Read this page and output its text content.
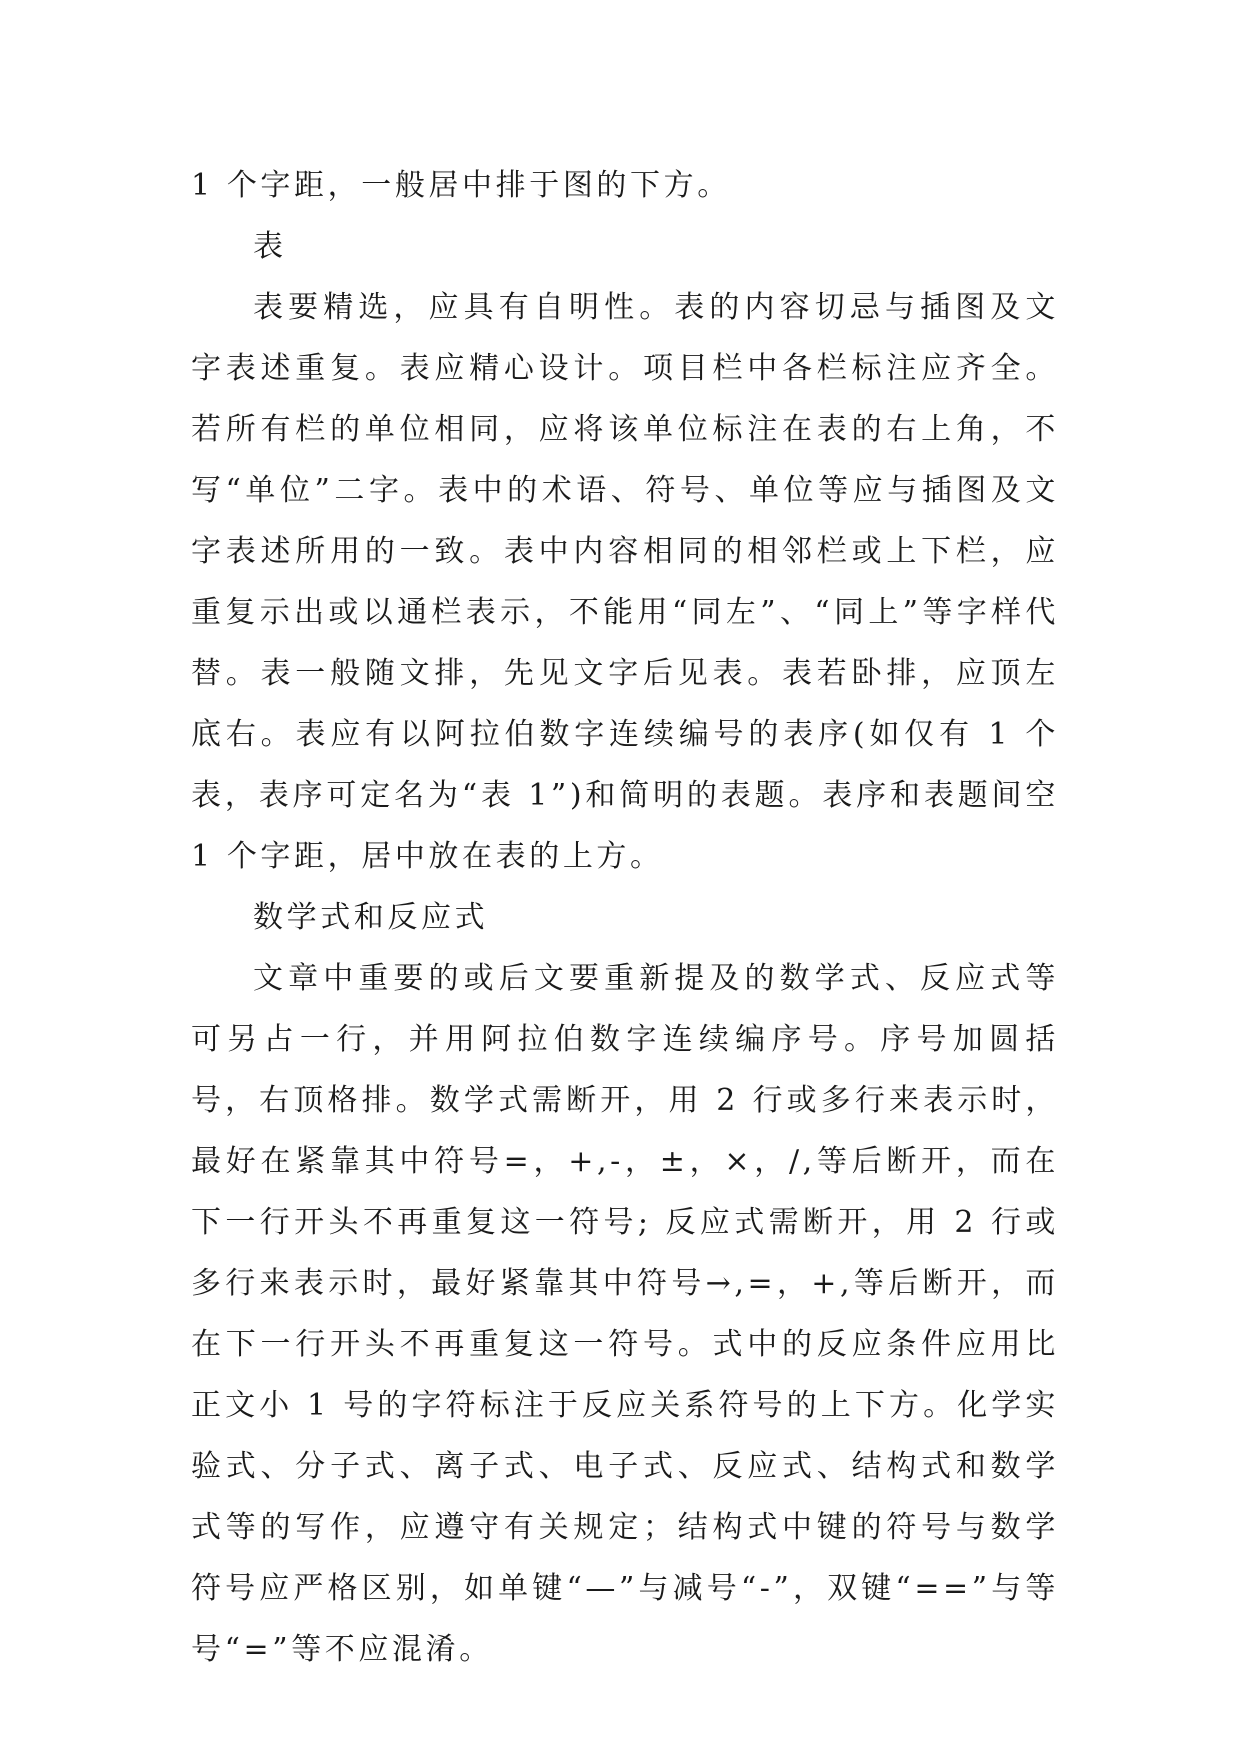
1 个字距，一般居中排于图的下方。

表

表要精选，应具有自明性。表的内容切忌与插图及文字表述重复。表应精心设计。项目栏中各栏标注应齐全。若所有栏的单位相同，应将该单位标注在表的右上角，不写“单位”二字。表中的术语、符号、单位等应与插图及文字表述所用的一致。表中内容相同的相邻栏或上下栏，应重复示出或以通栏表示，不能用“同左”、“同上”等字样代替。表一般随文排，先见文字后见表。表若卧排，应顶左底右。表应有以阿拉伯数字连续编号的表序(如仅有 1 个表，表序可定名为“表 1”)和简明的表题。表序和表题间空 1 个字距，居中放在表的上方。

数学式和反应式

文章中重要的或后文要重新提及的数学式、反应式等可另占一行，并用阿拉伯数字连续编序号。序号加圆括号，右顶格排。数学式需断开，用 2 行或多行来表示时，最好在紧靠其中符号=，+,-，±，×，/,等后断开，而在下一行开头不再重复这一符号; 反应式需断开，用 2 行或多行来表示时，最好紧靠其中符号→,=，+,等后断开，而在下一行开头不再重复这一符号。式中的反应条件应用比正文小 1 号的字符标注于反应关系符号的上下方。化学实验式、分子式、离子式、电子式、反应式、结构式和数学式等的写作，应遵守有关规定；结构式中键的符号与数学符号应严格区别，如单键“—”与减号“-”，双键“==”与等号“=”等不应混淆。
